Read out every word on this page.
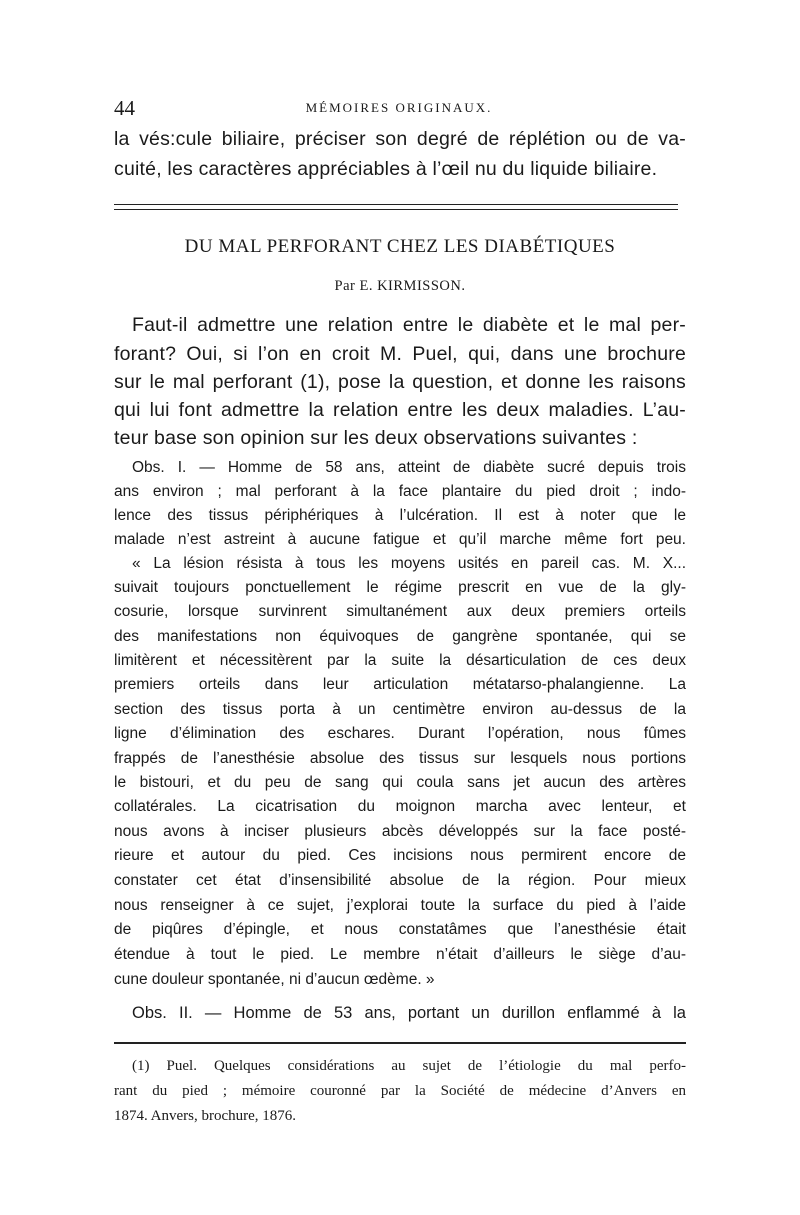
44	MÉMOIRES ORIGINAUX.
la vés:cule biliaire, préciser son degré de réplétion ou de va-
cuité, les caractères appréciables à l’œil nu du liquide biliaire.
DU MAL PERFORANT CHEZ LES DIABÉTIQUES
Par E. KIRMISSON.
Faut-il admettre une relation entre le diabète et le mal per-
forant? Oui, si l’on en croit M. Puel, qui, dans une brochure
sur le mal perforant (1), pose la question, et donne les raisons
qui lui font admettre la relation entre les deux maladies. L’au-
teur base son opinion sur les deux observations suivantes :
Obs. I. — Homme de 58 ans, atteint de diabète sucré depuis trois
ans environ ; mal perforant à la face plantaire du pied droit ; indo-
lence des tissus périphériques à l’ulcération. Il est à noter que le
malade n’est astreint à aucune fatigue et qu’il marche même fort peu.
« La lésion résista à tous les moyens usités en pareil cas. M. X...
suivait toujours ponctuellement le régime prescrit en vue de la gly-
cosurie, lorsque survinrent simultanément aux deux premiers orteils
des manifestations non équivoques de gangrène spontanée, qui se
limitèrent et nécessitèrent par la suite la désarticulation de ces deux
premiers orteils dans leur articulation métatarso-phalangienne. La
section des tissus porta à un centimètre environ au-dessus de la
ligne d’élimination des eschares. Durant l’opération, nous fûmes
frappés de l’anesthésie absolue des tissus sur lesquels nous portions
le bistouri, et du peu de sang qui coula sans jet aucun des artères
collatérales. La cicatrisation du moignon marcha avec lenteur, et
nous avons à inciser plusieurs abcès développés sur la face posté-
rieure et autour du pied. Ces incisions nous permirent encore de
constater cet état d’insensibilité absolue de la région. Pour mieux
nous renseigner à ce sujet, j’explorai toute la surface du pied à l’aide
de piqûres d’épingle, et nous constatâmes que l’anesthésie était
étendue à tout le pied. Le membre n’était d’ailleurs le siège d’au-
cune douleur spontanée, ni d’aucun œdème. »
Obs. II. — Homme de 53 ans, portant un durillon enflammé à la
(1) Puel. Quelques considérations au sujet de l’étiologie du mal perfo-
rant du pied ; mémoire couronné par la Société de médecine d’Anvers en
1874. Anvers, brochure, 1876.
